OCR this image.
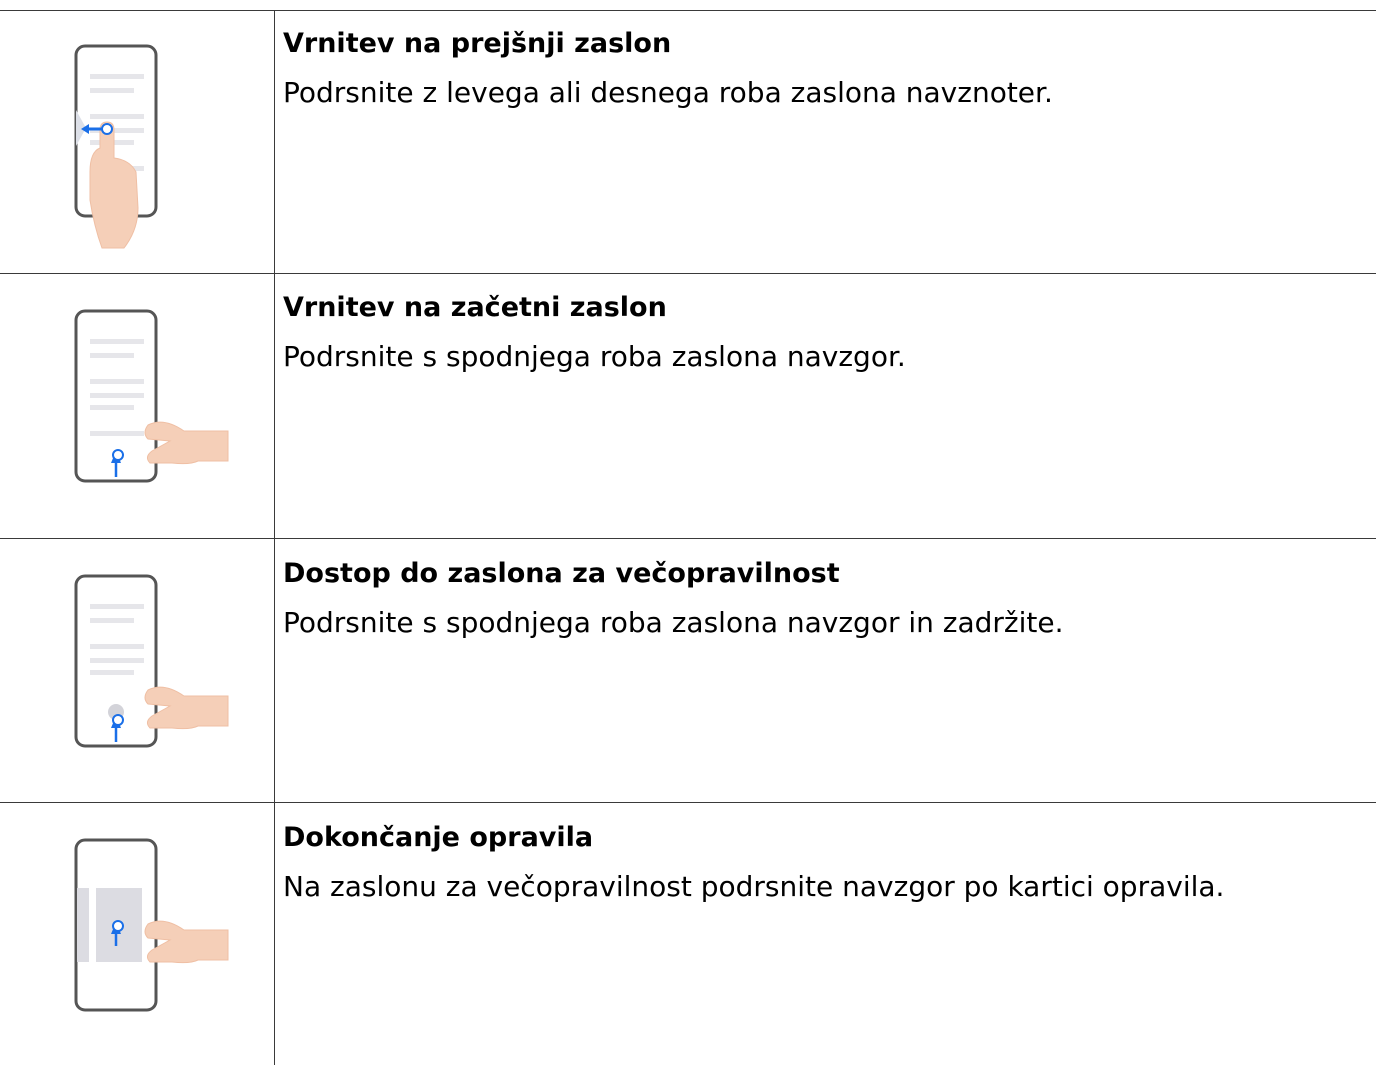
Vrnitev na prejšnji zaslon
Podrsnite z levega ali desnega roba zaslona navznoter.
Vrnitev na začetni zaslon
Podrsnite s spodnjega roba zaslona navzgor.
Dostop do zaslona za večopravilnost
Podrsnite s spodnjega roba zaslona navzgor in zadržite.
Dokončanje opravila
Na zaslonu za večopravilnost podrsnite navzgor po kartici opravila.
